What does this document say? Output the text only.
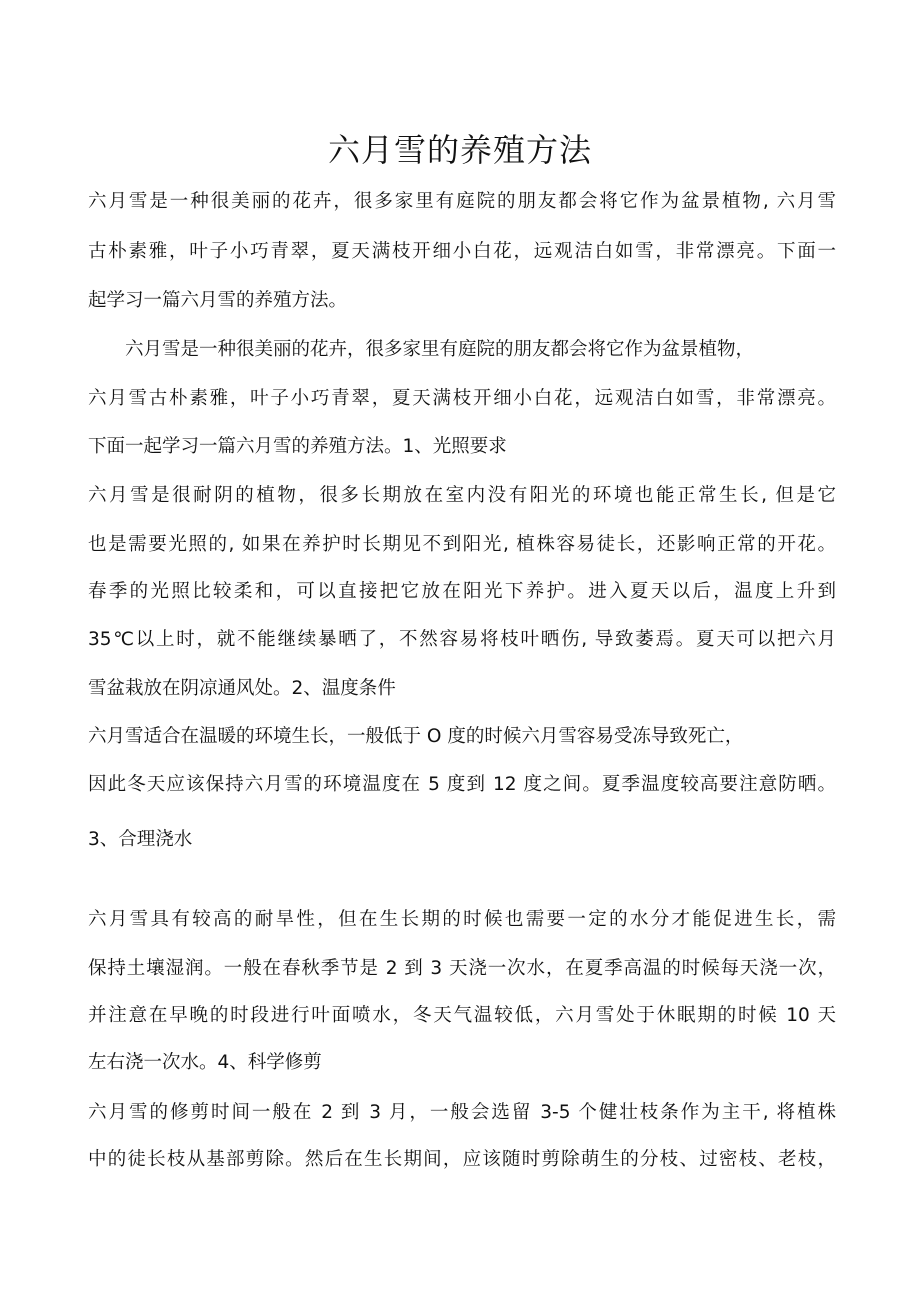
六月雪的养殖方法
六月雪是一种很美丽的花卉，很多家里有庭院的朋友都会将它作为盆景植物, 六月雪
古朴素雅，叶子小巧青翠，夏天满枝开细小白花，远观洁白如雪，非常漂亮。下面一
起学习一篇六月雪的养殖方法。
　　六月雪是一种很美丽的花卉，很多家里有庭院的朋友都会将它作为盆景植物，
六月雪古朴素雅，叶子小巧青翠，夏天满枝开细小白花，远观洁白如雪，非常漂亮。
下面一起学习一篇六月雪的养殖方法。1、光照要求
六月雪是很耐阴的植物，很多长期放在室内没有阳光的环境也能正常生长, 但是它
也是需要光照的, 如果在养护时长期见不到阳光, 植株容易徒长，还影响正常的开花。
春季的光照比较柔和，可以直接把它放在阳光下养护。进入夏天以后，温度上升到
35℃以上时，就不能继续暴晒了，不然容易将枝叶晒伤, 导致萎焉。夏天可以把六月
雪盆栽放在阴凉通风处。2、温度条件
六月雪适合在温暖的环境生长，一般低于 O 度的时候六月雪容易受冻导致死亡，
因此冬天应该保持六月雪的环境温度在 5 度到 12 度之间。夏季温度较高要注意防晒。
3、合理浇水
六月雪具有较高的耐旱性，但在生长期的时候也需要一定的水分才能促进生长，需
保持土壤湿润。一般在春秋季节是 2 到 3 天浇一次水，在夏季高温的时候每天浇一次，
并注意在早晚的时段进行叶面喷水，冬天气温较低，六月雪处于休眠期的时候 10 天
左右浇一次水。4、科学修剪
六月雪的修剪时间一般在 2 到 3 月，一般会选留 3-5 个健壮枝条作为主干, 将植株
中的徒长枝从基部剪除。然后在生长期间，应该随时剪除萌生的分枝、过密枝、老枝，
